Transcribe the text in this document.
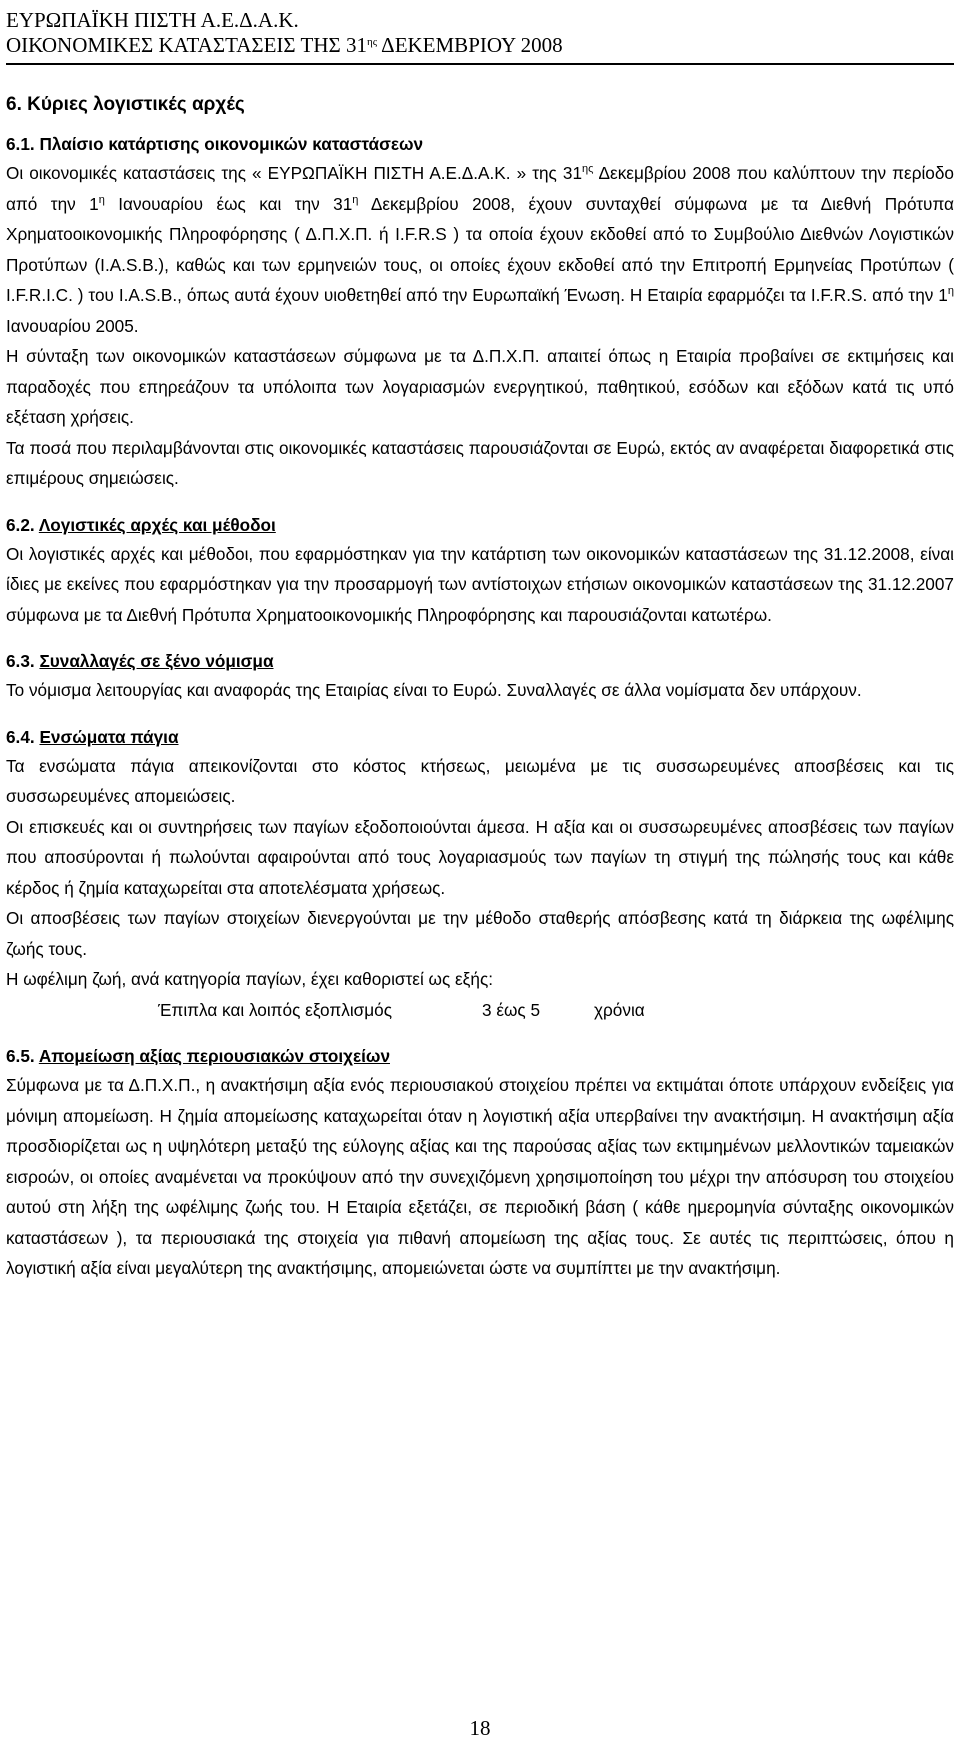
ΕΥΡΩΠΑΪΚΗ ΠΙΣΤΗ Α.Ε.Δ.Α.Κ.
ΟΙΚΟΝΟΜΙΚΕΣ ΚΑΤΑΣΤΑΣΕΙΣ ΤΗΣ $31^{\eta\varsigma}$ ΔΕΚΕΜΒΡΙΟΥ 2008
6. Κύριες λογιστικές αρχές
6.1. Πλαίσιο κατάρτισης οικονομικών καταστάσεων

Οι οικονομικές καταστάσεις της « ΕΥΡΩΠΑΪΚΗ ΠΙΣΤΗ Α.Ε.Δ.Α.Κ. » της $31^{\eta\varsigma}$ Δεκεμβρίου 2008 που καλύπτουν την περίοδο από την $1^\eta$ Ιανουαρίου έως και την $31^\eta$ Δεκεμβρίου 2008, έχουν συνταχθεί σύμφωνα με τα Διεθνή Πρότυπα Χρηματοοικονομικής Πληροφόρησης ( Δ.Π.Χ.Π. ή I.F.R.S ) τα οποία έχουν εκδοθεί από το Συμβούλιο Διεθνών Λογιστικών Προτύπων (I.A.S.B.), καθώς και των ερμηνειών τους, οι οποίες έχουν εκδοθεί από την Επιτροπή Ερμηνείας Προτύπων ( I.F.R.I.C. ) του I.A.S.B., όπως αυτά έχουν υιοθετηθεί από την Ευρωπαϊκή Ένωση. Η Εταιρία εφαρμόζει τα I.F.R.S. από την $1^\eta$ Ιανουαρίου 2005.

Η σύνταξη των οικονομικών καταστάσεων σύμφωνα με τα Δ.Π.Χ.Π. απαιτεί όπως η Εταιρία προβαίνει σε εκτιμήσεις και παραδοχές που επηρεάζουν τα υπόλοιπα των λογαριασμών ενεργητικού, παθητικού, εσόδων και εξόδων κατά τις υπό εξέταση χρήσεις.

Τα ποσά που περιλαμβάνονται στις οικονομικές καταστάσεις παρουσιάζονται σε Ευρώ, εκτός αν αναφέρεται διαφορετικά στις επιμέρους σημειώσεις.

6.2. Λογιστικές αρχές και μέθοδοι

Οι λογιστικές αρχές και μέθοδοι, που εφαρμόστηκαν για την κατάρτιση των οικονομικών καταστάσεων της 31.12.2008, είναι ίδιες με εκείνες που εφαρμόστηκαν για την προσαρμογή των αντίστοιχων ετήσιων οικονομικών καταστάσεων της 31.12.2007 σύμφωνα με τα Διεθνή Πρότυπα Χρηματοοικονομικής Πληροφόρησης και παρουσιάζονται κατωτέρω.

6.3. Συναλλαγές σε ξένο νόμισμα

Το νόμισμα λειτουργίας και αναφοράς της Εταιρίας είναι το Ευρώ. Συναλλαγές σε άλλα νομίσματα δεν υπάρχουν.

6.4. Ενσώματα πάγια

Τα ενσώματα πάγια απεικονίζονται στο κόστος κτήσεως, μειωμένα με τις συσσωρευμένες αποσβέσεις και τις συσσωρευμένες απομειώσεις.

Οι επισκευές και οι συντηρήσεις των παγίων εξοδοποιούνται άμεσα. Η αξία και οι συσσωρευμένες αποσβέσεις των παγίων που αποσύρονται ή πωλούνται αφαιρούνται από τους λογαριασμούς των παγίων τη στιγμή της πώλησής τους και κάθε κέρδος ή ζημία καταχωρείται στα αποτελέσματα χρήσεως.

Οι αποσβέσεις των παγίων στοιχείων διενεργούνται με την μέθοδο σταθερής απόσβεσης κατά τη διάρκεια της ωφέλιμης ζωής τους.

Η ωφέλιμη ζωή, ανά κατηγορία παγίων, έχει καθοριστεί ως εξής:

Έπιπλα και λοιπός εξοπλισμός	3 έως 5	χρόνια
6.5. Απομείωση αξίας περιουσιακών στοιχείων

Σύμφωνα με τα Δ.Π.Χ.Π., η ανακτήσιμη αξία ενός περιουσιακού στοιχείου πρέπει να εκτιμάται όποτε υπάρχουν ενδείξεις για μόνιμη απομείωση. Η ζημία απομείωσης καταχωρείται όταν η λογιστική αξία υπερβαίνει την ανακτήσιμη. Η ανακτήσιμη αξία προσδιορίζεται ως η υψηλότερη μεταξύ της εύλογης αξίας και της παρούσας αξίας των εκτιμημένων μελλοντικών ταμειακών εισροών, οι οποίες αναμένεται να προκύψουν από την συνεχιζόμενη χρησιμοποίηση του μέχρι την απόσυρση του στοιχείου αυτού στη λήξη της ωφέλιμης ζωής του. Η Εταιρία εξετάζει, σε περιοδική βάση ( κάθε ημερομηνία σύνταξης οικονομικών καταστάσεων ), τα περιουσιακά της στοιχεία για πιθανή απομείωση της αξίας τους. Σε αυτές τις περιπτώσεις, όπου η λογιστική αξία είναι μεγαλύτερη της ανακτήσιμης, απομειώνεται ώστε να συμπίπτει με την ανακτήσιμη.

18
